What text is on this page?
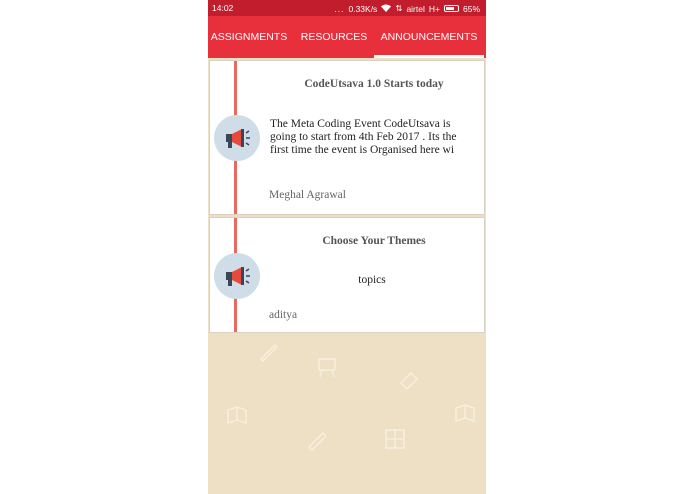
14:02	... 0.33K/s ⇅ airtel H+	65%
ASSIGNMENTS	RESOURCES	ANNOUNCEMENTS
CodeUtsava 1.0 Starts today
The Meta Coding Event CodeUtsava is going to start from 4th Feb 2017 . Its the first time the event is Organised here wi
Meghal Agrawal
Choose Your Themes
topics
aditya
